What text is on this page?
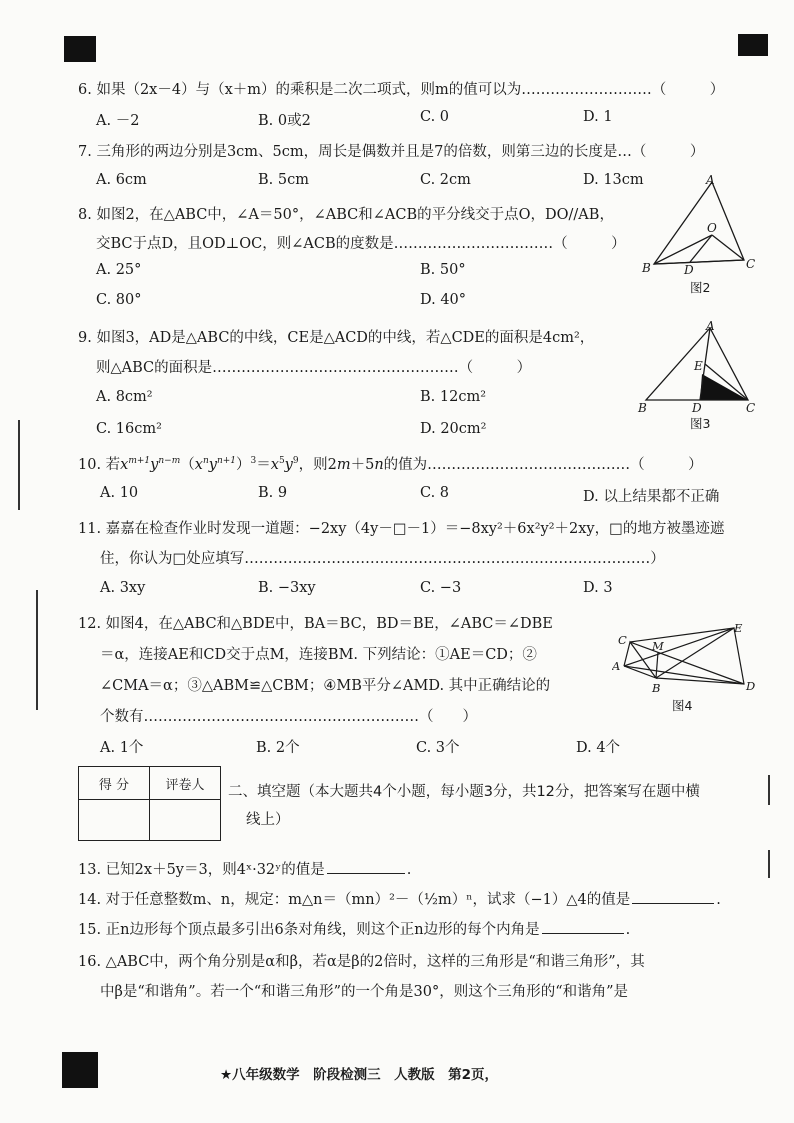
6. 如果（2x－4）与（x＋m）的乘积是二次二项式，则m的值可以为………………………（　　　）
A. －2	B. 0或2	C. 0	D. 1
7. 三角形的两边分别是3cm、5cm，周长是偶数并且是7的倍数，则第三边的长度是…（　　　）
A. 6cm	B. 5cm	C. 2cm	D. 13cm
8. 如图2，在△ABC中，∠A＝50°，∠ABC和∠ACB的平分线交于点O，DO//AB，
交BC于点D，且OD⊥OC，则∠ACB的度数是……………………………（　　　）
A. 25°	B. 50°
C. 80°	D. 40°
A
O
B	D	C
图2
9. 如图3，AD是△ABC的中线，CE是△ACD的中线，若△CDE的面积是4cm²，
则△ABC的面积是……………………………………………（　　　）
A. 8cm²	B. 12cm²
C. 16cm²	D. 20cm²
A
E
B	D	C
图3
10. 若$x^{m+1}y^{n-m}(x^ny^{n+1})^3=x^5y^9$，则2m＋5n的值为……………………………………（　　　）
A. 10	B. 9	C. 8	D. 以上结果都不正确
11. 嘉嘉在检查作业时发现一道题：−2xy（4y－□－1）＝−8xy²＋6x²y²＋2xy，□的地方被墨迹遮
住，你认为□处应填写…………………………………………………………………………）
A. 3xy	B. −3xy	C. −3	D. 3
12. 如图4，在△ABC和△BDE中，BA＝BC，BD＝BE，∠ABC＝∠DBE
＝α，连接AE和CD交于点M，连接BM. 下列结论：①AE＝CD；②
∠CMA＝α；③△ABM≌△CBM；④MB平分∠AMD. 其中正确结论的
个数有…………………………………………………（　　）
A. 1个	B. 2个	C. 3个	D. 4个
C M
E
A
B	D
图4
得 分	评卷人
	二、填空题（本大题共4个小题，每小题3分，共12分，把答案写在题中横
线上）
13. 已知2x＋5y＝3，则4ˣ·32ʸ的值是	.
14. 对于任意整数m、n，规定：m△n＝（mn）²－（½m）ⁿ，试求（−1）△4的值是	.
15. 正n边形每个顶点最多引出6条对角线，则这个正n边形的每个内角是	.
16. △ABC中，两个角分别是α和β，若α是β的2倍时，这样的三角形是“和谐三角形”，其
中β是“和谐角”。若一个“和谐三角形”的一个角是30°，则这个三角形的“和谐角”是
★八年级数学　阶段检测三　人教版　第2页，
